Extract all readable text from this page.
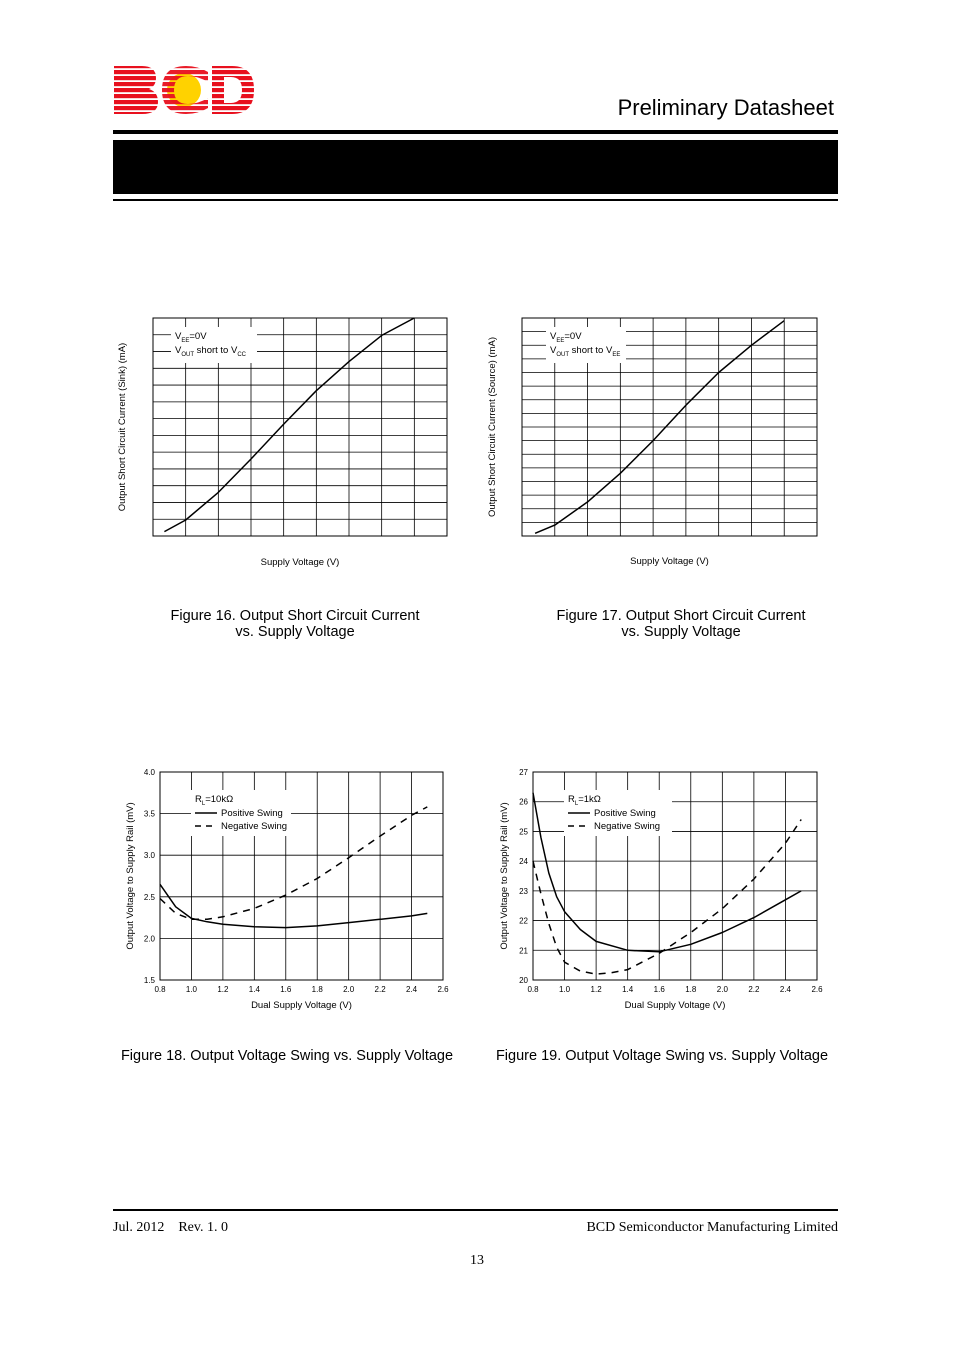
Preliminary Datasheet
Supply Voltage (V)
Output Short Circuit Current (Sink) (mA)
$V_{EE}=0V$
$V_{OUT}$ short to $V_{CC}$
Supply Voltage (V)
Output Short Circuit Current (Source) (mA)
$V_{EE}=0V$
$V_{OUT}$ short to $V_{EE}$
0.8	1.0	1.2	1.4	1.6	1.8	2.0	2.2	2.4	2.6
1.5
2.0
2.5
3.0
3.5
4.0
Dual Supply Voltage (V)
Output Voltage to Supply Rail (mV)
$R_L=10k\Omega$
Positive Swing
Negative Swing
0.8	1.0	1.2	1.4	1.6	1.8	2.0	2.2	2.4	2.6
20
21
22
23
24
25
26
27
Dual Supply Voltage (V)
Output Voltage to Supply Rail (mV)
$R_L=1k\Omega$
Positive Swing
Negative Swing
Figure 16. Output Short Circuit Current
vs. Supply Voltage
Figure 17. Output Short Circuit Current
vs. Supply Voltage
Figure 18. Output Voltage Swing vs. Supply Voltage	Figure 19. Output Voltage Swing vs. Supply Voltage
Jul. 2012    Rev. 1. 0	BCD Semiconductor Manufacturing Limited
13
